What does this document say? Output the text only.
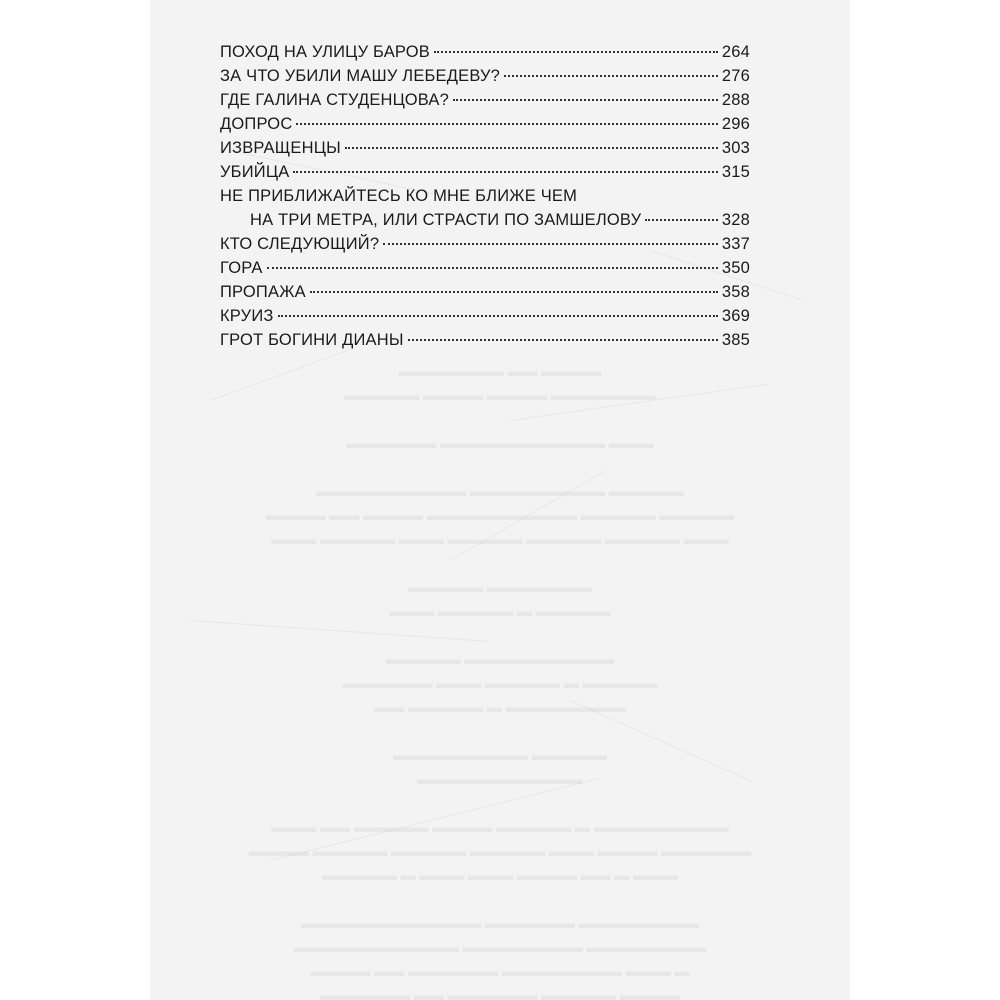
▬▬▬▬ ▬▬ ▬▬▬▬▬▬▬
▬▬▬▬▬▬▬ ▬▬▬▬ ▬▬▬▬ ▬▬▬▬▬
▬▬▬ ▬▬▬▬▬▬▬▬▬▬▬ ▬▬▬▬▬▬
▬▬▬▬▬ ▬▬▬▬▬▬▬▬▬ ▬▬▬▬▬▬▬▬▬▬
▬▬▬▬▬ ▬▬▬▬▬ ▬▬▬▬▬▬▬▬▬▬ ▬▬▬▬ ▬▬ ▬▬▬▬
▬▬▬ ▬▬▬▬▬ ▬▬▬▬▬ ▬▬▬▬▬ ▬▬▬ ▬▬▬▬▬ ▬▬▬
▬▬▬▬▬▬▬ ▬▬▬▬▬
▬▬▬▬▬ ▬ ▬▬▬▬▬ ▬▬▬
▬▬▬▬▬▬▬▬▬▬ ▬▬▬▬▬
▬▬▬▬▬ ▬ ▬▬▬▬▬ ▬▬▬ ▬▬▬▬▬▬
▬▬▬▬▬▬▬▬ ▬ ▬▬▬▬▬ ▬▬
▬▬▬▬▬ ▬▬▬▬▬▬▬▬▬
▬▬▬▬▬▬▬▬▬▬▬
▬▬▬▬▬▬▬▬▬ ▬ ▬▬▬▬▬ ▬▬▬▬ ▬▬▬▬▬ ▬▬ ▬▬▬
▬▬▬▬▬▬ ▬▬▬▬ ▬▬▬ ▬▬▬▬▬ ▬▬▬▬▬ ▬▬▬▬▬ ▬▬▬▬
▬▬▬ ▬ ▬▬ ▬▬▬▬ ▬▬▬ ▬▬▬ ▬ ▬▬▬▬▬
▬▬▬▬▬▬▬▬ ▬▬▬▬▬▬ ▬▬▬▬▬▬▬▬▬▬▬▬
▬▬▬▬▬▬▬▬ ▬▬▬▬▬▬▬▬ ▬▬▬▬▬▬▬▬▬▬▬
▬ ▬▬▬ ▬▬▬▬▬▬▬▬ ▬▬▬▬▬▬ ▬▬ ▬▬▬▬
▬▬▬▬ ▬▬▬▬▬ ▬▬▬▬▬▬ ▬▬ ▬▬▬▬▬▬
ПОХОД НА УЛИЦУ БАРОВ	264
ЗА ЧТО УБИЛИ МАШУ ЛЕБЕДЕВУ?	276
ГДЕ ГАЛИНА СТУДЕНЦОВА?	288
ДОПРОС	296
ИЗВРАЩЕНЦЫ	303
УБИЙЦА	315
НЕ ПРИБЛИЖАЙТЕСЬ КО МНЕ БЛИЖЕ ЧЕМ
НА ТРИ МЕТРА, ИЛИ СТРАСТИ ПО ЗАМШЕЛОВУ	328
КТО СЛЕДУЮЩИЙ?	337
ГОРА	350
ПРОПАЖА	358
КРУИЗ	369
ГРОТ БОГИНИ ДИАНЫ	385
